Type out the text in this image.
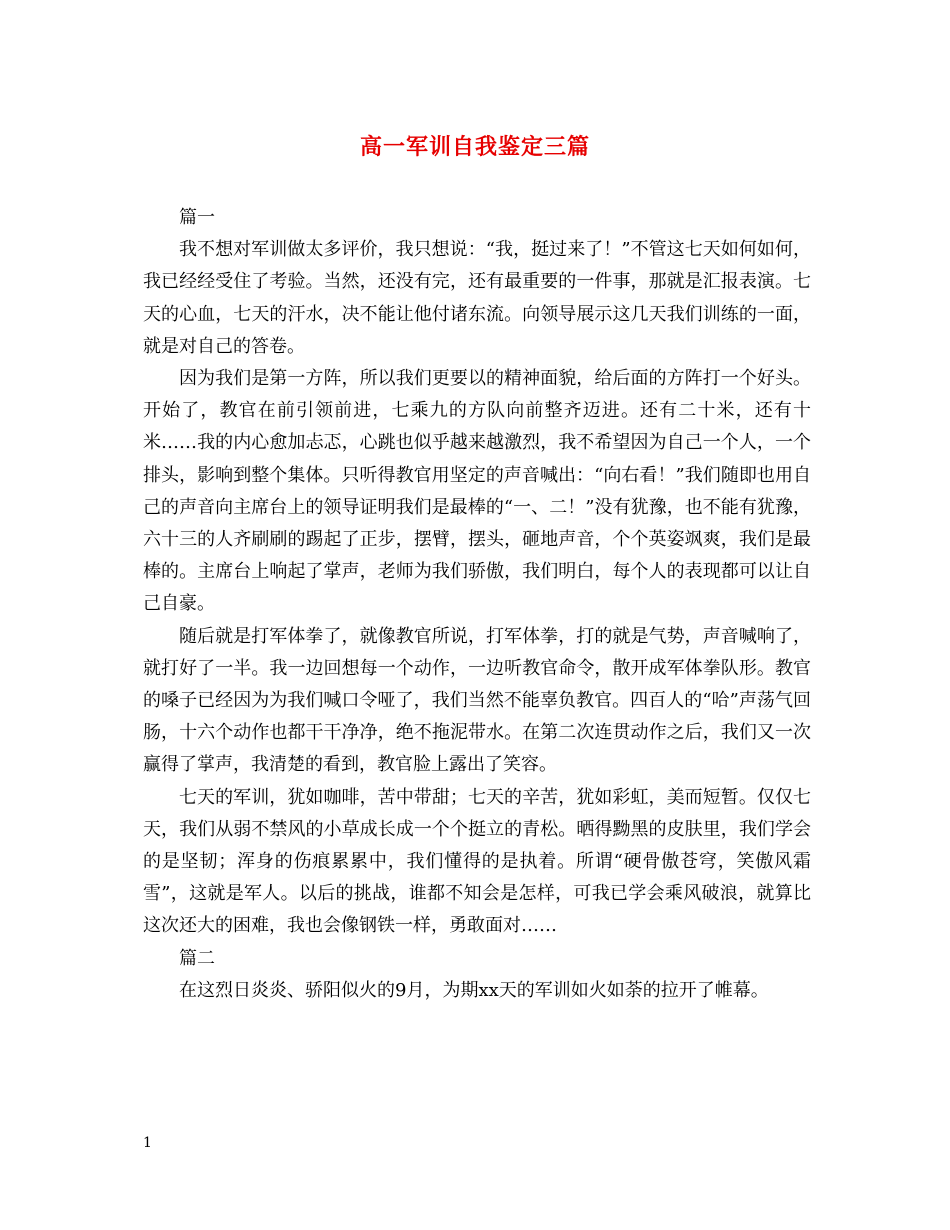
高一军训自我鉴定三篇

篇一

我不想对军训做太多评价，我只想说：“我，挺过来了！”不管这七天如何如何，我已经经受住了考验。当然，还没有完，还有最重要的一件事，那就是汇报表演。七天的心血，七天的汗水，决不能让他付诸东流。向领导展示这几天我们训练的一面，就是对自己的答卷。

因为我们是第一方阵，所以我们更要以的精神面貌，给后面的方阵打一个好头。开始了，教官在前引领前进，七乘九的方队向前整齐迈进。还有二十米，还有十米……我的内心愈加忐忑，心跳也似乎越来越激烈，我不希望因为自己一个人，一个排头，影响到整个集体。只听得教官用坚定的声音喊出：“向右看！”我们随即也用自己的声音向主席台上的领导证明我们是最棒的“一、二！”没有犹豫，也不能有犹豫，六十三的人齐刷刷的踢起了正步，摆臂，摆头，砸地声音，个个英姿飒爽，我们是最棒的。主席台上响起了掌声，老师为我们骄傲，我们明白，每个人的表现都可以让自己自豪。

随后就是打军体拳了，就像教官所说，打军体拳，打的就是气势，声音喊响了，就打好了一半。我一边回想每一个动作，一边听教官命令，散开成军体拳队形。教官的嗓子已经因为为我们喊口令哑了，我们当然不能辜负教官。四百人的“哈”声荡气回肠，十六个动作也都干干净净，绝不拖泥带水。在第二次连贯动作之后，我们又一次赢得了掌声，我清楚的看到，教官脸上露出了笑容。

七天的军训，犹如咖啡，苦中带甜；七天的辛苦，犹如彩虹，美而短暂。仅仅七天，我们从弱不禁风的小草成长成一个个挺立的青松。晒得黝黑的皮肤里，我们学会的是坚韧；浑身的伤痕累累中，我们懂得的是执着。所谓“硬骨傲苍穹，笑傲风霜雪”，这就是军人。以后的挑战，谁都不知会是怎样，可我已学会乘风破浪，就算比这次还大的困难，我也会像钢铁一样，勇敢面对……

篇二

在这烈日炎炎、骄阳似火的9月，为期xx天的军训如火如荼的拉开了帷幕。

1
